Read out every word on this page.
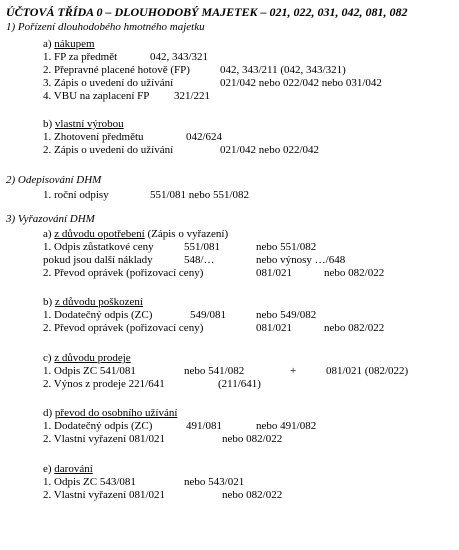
ÚČTOVÁ TŘÍDA 0 – DLOUHODOBÝ MAJETEK – 021, 022, 031, 042, 081, 082
1) Pořízení dlouhodobého hmotného majetku
a) nákupem
1. FP za předmět	042, 343/321
2. Přepravné placené hotově (FP)	042, 343/211 (042, 343/321)
3. Zápis o uvedení do užívání	021/042 nebo 022/042 nebo 031/042
4. VBU na zaplacení FP 321/221
b) vlastní výrobou
1. Zhotovení předmětu	042/624
2. Zápis o uvedení do užívání	021/042 nebo 022/042
2) Odepisování DHM
1. roční odpisy	551/081 nebo 551/082
3) Vyřazování DHM
a) z důvodu opotřebení (Zápis o vyřazení)
1. Odpis zůstatkové ceny	551/081	nebo 551/082
pokud jsou další náklady	548/…	nebo výnosy …/648
2. Převod oprávek (pořizovací ceny)	081/021	nebo 082/022
b) z důvodu poškození
1. Dodatečný odpis (ZC)	549/081	nebo 549/082
2. Převod oprávek (pořizovací ceny)	081/021	nebo 082/022
c) z důvodu prodeje
1. Odpis ZC 541/081	nebo 541/082	+	081/021 (082/022)
2. Výnos z prodeje 221/641	(211/641)
d) převod do osobního užívání
1. Dodatečný odpis (ZC)	491/081	nebo 491/082
2. Vlastní vyřazení 081/021	nebo 082/022
e) darování
1. Odpis ZC 543/081	nebo 543/021
2. Vlastní vyřazení 081/021	nebo 082/022
